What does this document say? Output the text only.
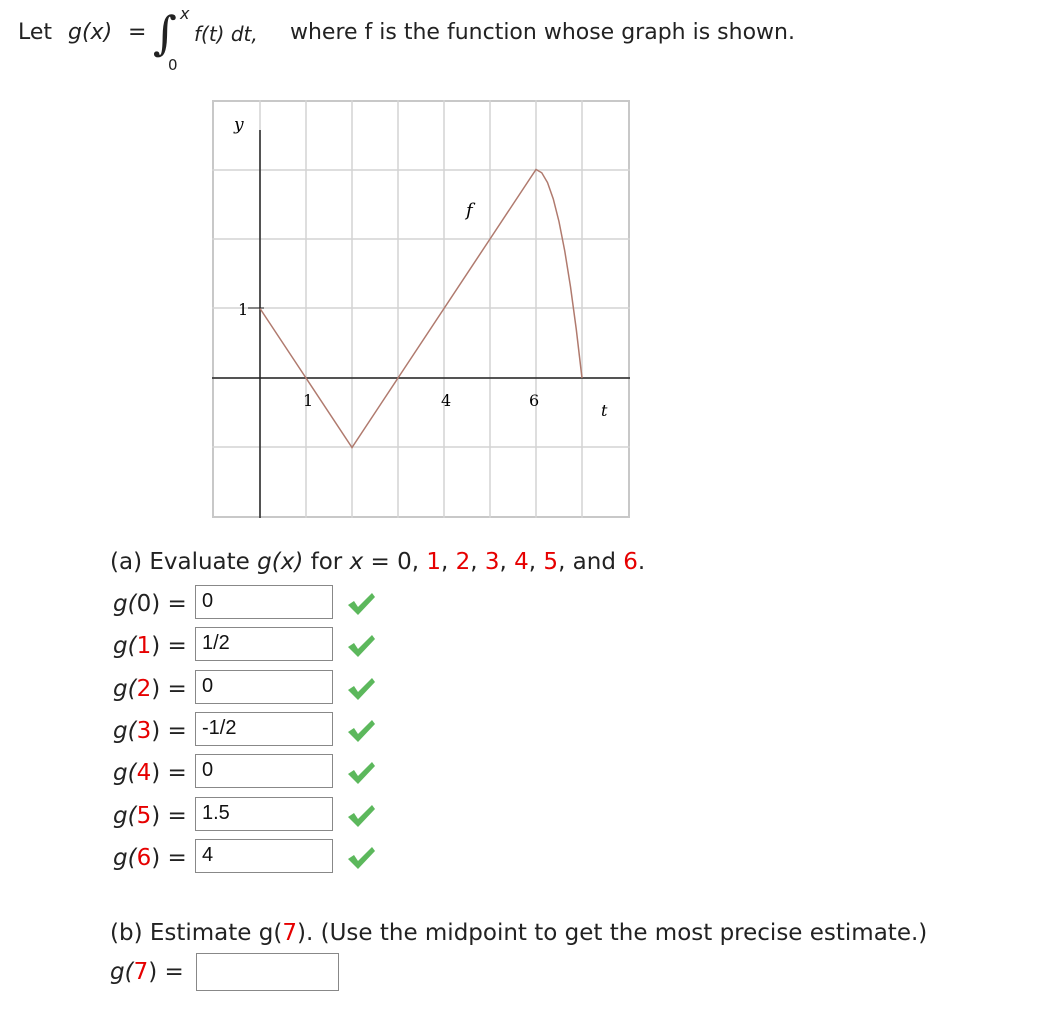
Let g(x) = ∫ x
0
f(t) dt, where f is the function whose graph is shown.
y
t
f
1	4	6
1
(a) Evaluate g(x) for x = 0, 1, 2, 3, 4, 5, and 6.
g(0) = 0
g(1) = 1/2
g(2) = 0
g(3) = -1/2
g(4) = 0
g(5) = 1.5
g(6) = 4
(b) Estimate g(7). (Use the midpoint to get the most precise estimate.)
g(7) =
